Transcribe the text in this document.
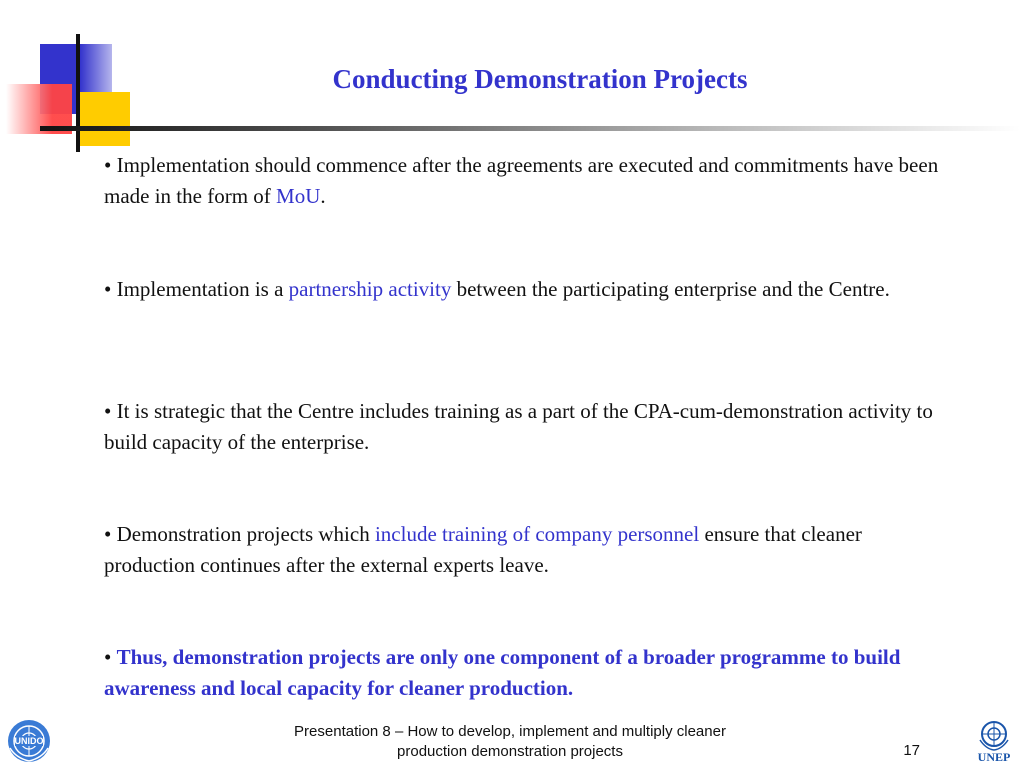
Conducting Demonstration Projects
• Implementation should commence after the agreements are executed and commitments have been made in the form of MoU.
• Implementation is a partnership activity between the participating enterprise and the Centre.
• It is strategic that the Centre includes training as a part of the CPA-cum-demonstration activity to build capacity of the enterprise.
• Demonstration projects which include training of company personnel ensure that cleaner production continues after the external experts leave.
• Thus, demonstration projects are only one component of a broader programme to build awareness and local capacity for cleaner production.
UNIDO
Presentation 8 – How to develop, implement and multiply cleaner
production demonstration projects	17	UNEP
